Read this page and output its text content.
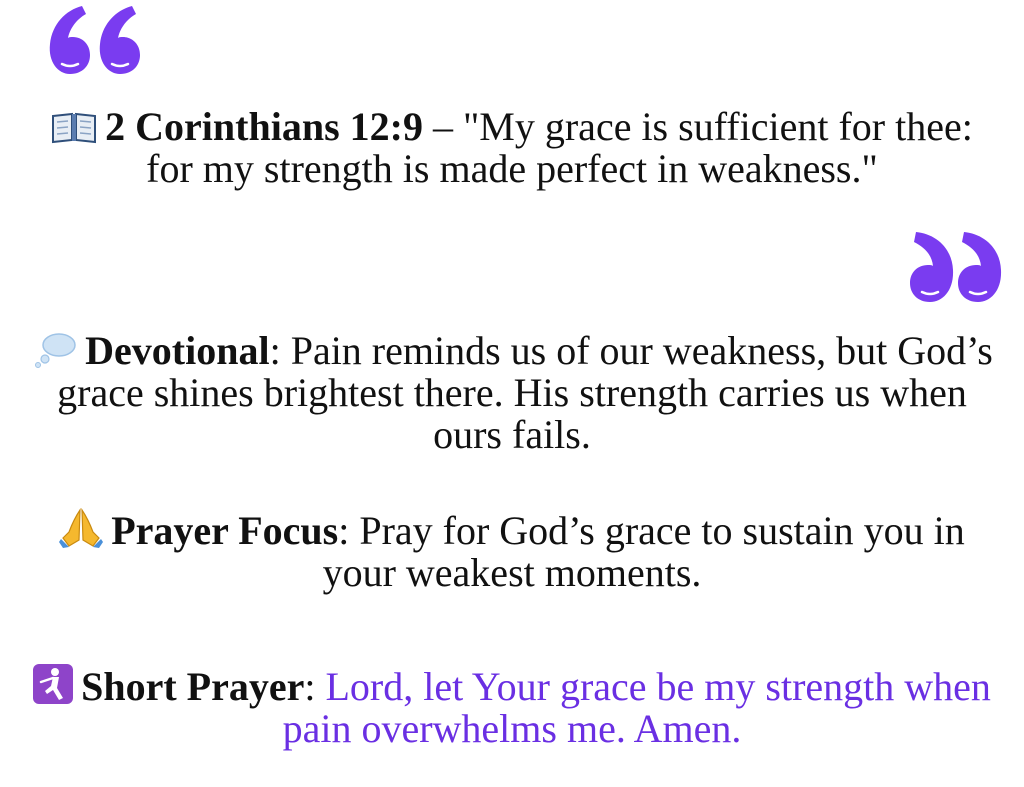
2 Corinthians 12:9 – "My grace is sufficient for thee: for my strength is made perfect in weakness."
Devotional: Pain reminds us of our weakness, but God’s grace shines brightest there. His strength carries us when ours fails.
Prayer Focus: Pray for God’s grace to sustain you in your weakest moments.
Short Prayer: Lord, let Your grace be my strength when pain overwhelms me. Amen.
